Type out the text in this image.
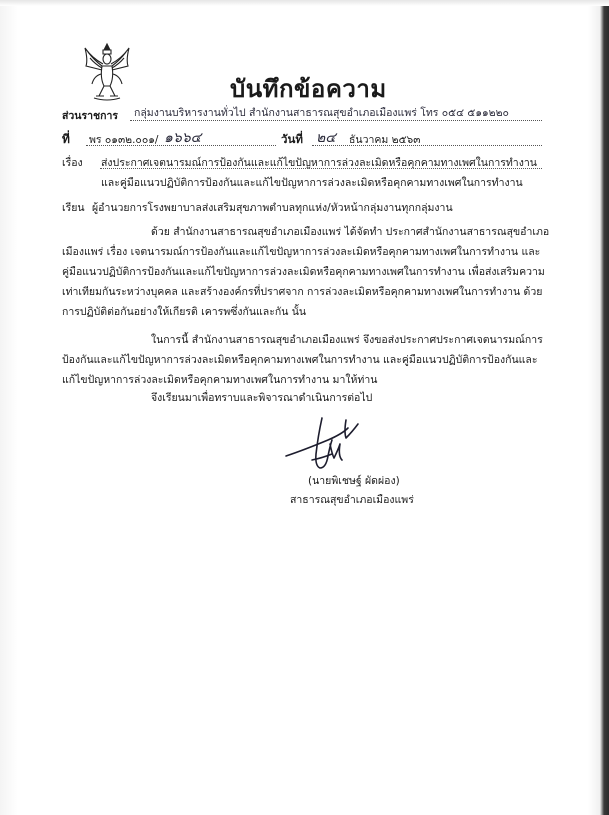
บันทึกข้อความ
ส่วนราชการ กลุ่มงานบริหารงานทั่วไป สำนักงานสาธารณสุขอำเภอเมืองแพร่ โทร ๐๕๔ ๕๑๑๒๒๐
ที่ พร ๐๑๓๒.๐๐๑/ ๑๖๖๔	วันที่ ๒๔ ธันวาคม ๒๕๖๓
เรื่อง ส่งประกาศเจตนารมณ์การป้องกันและแก้ไขปัญหาการล่วงละเมิดหรือคุกคามทางเพศในการทำงาน
และคู่มือแนวปฏิบัติการป้องกันและแก้ไขปัญหาการล่วงละเมิดหรือคุกคามทางเพศในการทำงาน
เรียน ผู้อำนวยการโรงพยาบาลส่งเสริมสุขภาพตำบลทุกแห่ง/หัวหน้ากลุ่มงานทุกกลุ่มงาน
ด้วย สำนักงานสาธารณสุขอำเภอเมืองแพร่ ได้จัดทำ ประกาศสำนักงานสาธารณสุขอำเภอ
เมืองแพร่ เรื่อง เจตนารมณ์การป้องกันและแก้ไขปัญหาการล่วงละเมิดหรือคุกคามทางเพศในการทำงาน และ
คู่มือแนวปฏิบัติการป้องกันและแก้ไขปัญหาการล่วงละเมิดหรือคุกคามทางเพศในการทำงาน เพื่อส่งเสริมความ
เท่าเทียมกันระหว่างบุคคล และสร้างองค์กรที่ปราศจาก การล่วงละเมิดหรือคุกคามทางเพศในการทำงาน ด้วย
การปฏิบัติต่อกันอย่างให้เกียรติ เคารพซึ่งกันและกัน นั้น
ในการนี้ สำนักงานสาธารณสุขอำเภอเมืองแพร่ จึงขอส่งประกาศประกาศเจตนารมณ์การ
ป้องกันและแก้ไขปัญหาการล่วงละเมิดหรือคุกคามทางเพศในการทำงาน และคู่มือแนวปฏิบัติการป้องกันและ
แก้ไขปัญหาการล่วงละเมิดหรือคุกคามทางเพศในการทำงาน มาให้ท่าน
จึงเรียนมาเพื่อทราบและพิจารณาดำเนินการต่อไป
(นายพิเชษฐ์ ผัดผ่อง)
สาธารณสุขอำเภอเมืองแพร่
